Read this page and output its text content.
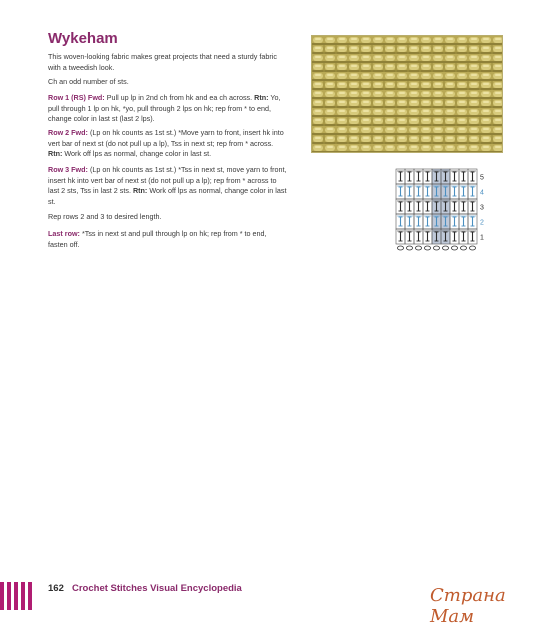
Wykeham
This woven-looking fabric makes great projects that need a sturdy fabric with a tweedish look.
Ch an odd number of sts.
Row 1 (RS) Fwd: Pull up lp in 2nd ch from hk and ea ch across. Rtn: Yo, pull through 1 lp on hk, *yo, pull through 2 lps on hk; rep from * to end, change color in last st (last 2 lps).
Row 2 Fwd: (Lp on hk counts as 1st st.) *Move yarn to front, insert hk into vert bar of next st (do not pull up a lp), Tss in next st; rep from * across. Rtn: Work off lps as normal, change color in last st.
Row 3 Fwd: (Lp on hk counts as 1st st.) *Tss in next st, move yarn to front, insert hk into vert bar of next st (do not pull up a lp); rep from * across to last 2 sts, Tss in last 2 sts. Rtn: Work off lps as normal, change color in last st.
Rep rows 2 and 3 to desired length.
Last row: *Tss in next st and pull through lp on hk; rep from * to end, fasten off.
5
4
3
2
1
162 Crochet Stitches Visual Encyclopedia	Страна Мам
